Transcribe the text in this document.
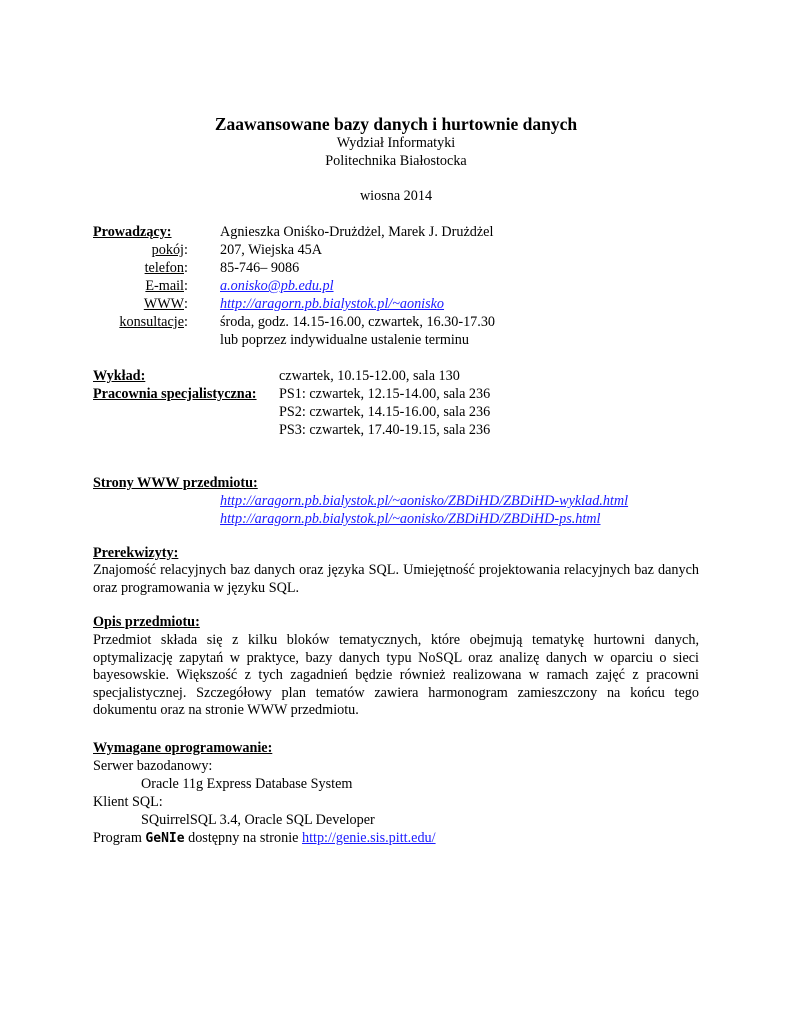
Zaawansowane bazy danych i hurtownie danych
Wydział Informatyki
Politechnika Białostocka
wiosna 2014
Prowadzący:	Agnieszka Oniśko-Drużdżel, Marek J. Drużdżel
pokój : 207, Wiejska 45A
telefon : 85-746– 9086
E-mail : a.onisko@pb.edu.pl
WWW : http://aragorn.pb.bialystok.pl/~aonisko
konsultacje : środa, godz. 14.15-16.00, czwartek, 16.30-17.30
lub poprzez indywidualne ustalenie terminu
Wykład:	czwartek, 10.15-12.00, sala 130
Pracownia specjalistyczna: PS1: czwartek, 12.15-14.00, sala 236
PS2: czwartek, 14.15-16.00, sala 236
PS3: czwartek, 17.40-19.15, sala 236
Strony WWW przedmiotu:
http://aragorn.pb.bialystok.pl/~aonisko/ZBDiHD/ZBDiHD-wyklad.html
http://aragorn.pb.bialystok.pl/~aonisko/ZBDiHD/ZBDiHD-ps.html
Prerekwizyty:

Znajomość relacyjnych baz danych oraz języka SQL. Umiejętność projektowania relacyjnych baz danych oraz programowania w języku SQL.

Opis przedmiotu:

Przedmiot składa się z kilku bloków tematycznych, które obejmują tematykę hurtowni danych, optymalizację zapytań w praktyce, bazy danych typu NoSQL oraz analizę danych w oparciu o sieci bayesowskie. Większość z tych zagadnień będzie również realizowana w ramach zajęć z pracowni specjalistycznej. Szczegółowy plan tematów zawiera harmonogram zamieszczony na końcu tego dokumentu oraz na stronie WWW przedmiotu.

Wymagane oprogramowanie:
Serwer bazodanowy:
Oracle 11g Express Database System
Klient SQL:
SQuirrelSQL 3.4, Oracle SQL Developer
Program GeNIe dostępny na stronie http://genie.sis.pitt.edu/
